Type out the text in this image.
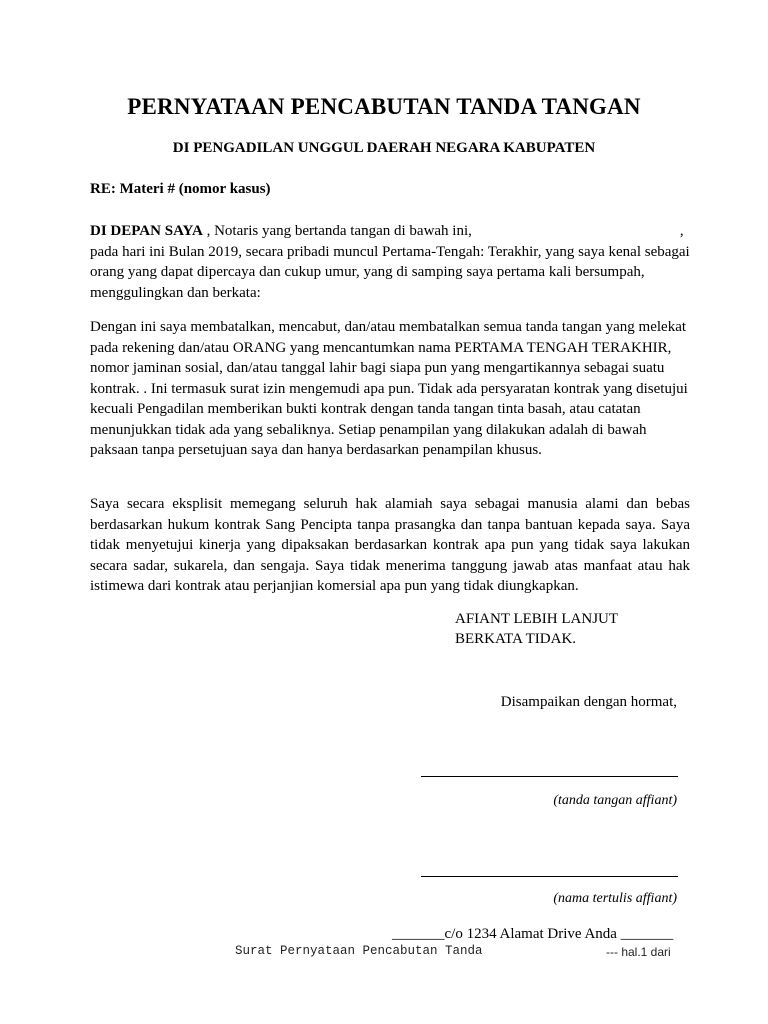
PERNYATAAN PENCABUTAN TANDA TANGAN
DI PENGADILAN UNGGUL DAERAH NEGARA KABUPATEN

RE: Materi # (nomor kasus)

DI DEPAN SAYA , Notaris yang bertanda tangan di bawah ini,	, pada hari ini Bulan 2019, secara pribadi muncul Pertama-Tengah: Terakhir, yang saya kenal sebagai orang yang dapat dipercaya dan cukup umur, yang di samping saya pertama kali bersumpah, menggulingkan dan berkata:

Dengan ini saya membatalkan, mencabut, dan/atau membatalkan semua tanda tangan yang melekat pada rekening dan/atau ORANG yang mencantumkan nama PERTAMA TENGAH TERAKHIR, nomor jaminan sosial, dan/atau tanggal lahir bagi siapa pun yang mengartikannya sebagai suatu kontrak. . Ini termasuk surat izin mengemudi apa pun. Tidak ada persyaratan kontrak yang disetujui kecuali Pengadilan memberikan bukti kontrak dengan tanda tangan tinta basah, atau catatan menunjukkan tidak ada yang sebaliknya. Setiap penampilan yang dilakukan adalah di bawah paksaan tanpa persetujuan saya dan hanya berdasarkan penampilan khusus.

Saya secara eksplisit memegang seluruh hak alamiah saya sebagai manusia alami dan bebas berdasarkan hukum kontrak Sang Pencipta tanpa prasangka dan tanpa bantuan kepada saya. Saya tidak menyetujui kinerja yang dipaksakan berdasarkan kontrak apa pun yang tidak saya lakukan secara sadar, sukarela, dan sengaja. Saya tidak menerima tanggung jawab atas manfaat atau hak istimewa dari kontrak atau perjanjian komersial apa pun yang tidak diungkapkan.

AFIANT LEBIH LANJUT
BERKATA TIDAK.

Disampaikan dengan hormat,

(tanda tangan affiant)

(nama tertulis affiant)

_______c/o 1234 Alamat Drive Anda _______

Surat Pernyataan Pencabutan Tanda	--- hal.1 dari
